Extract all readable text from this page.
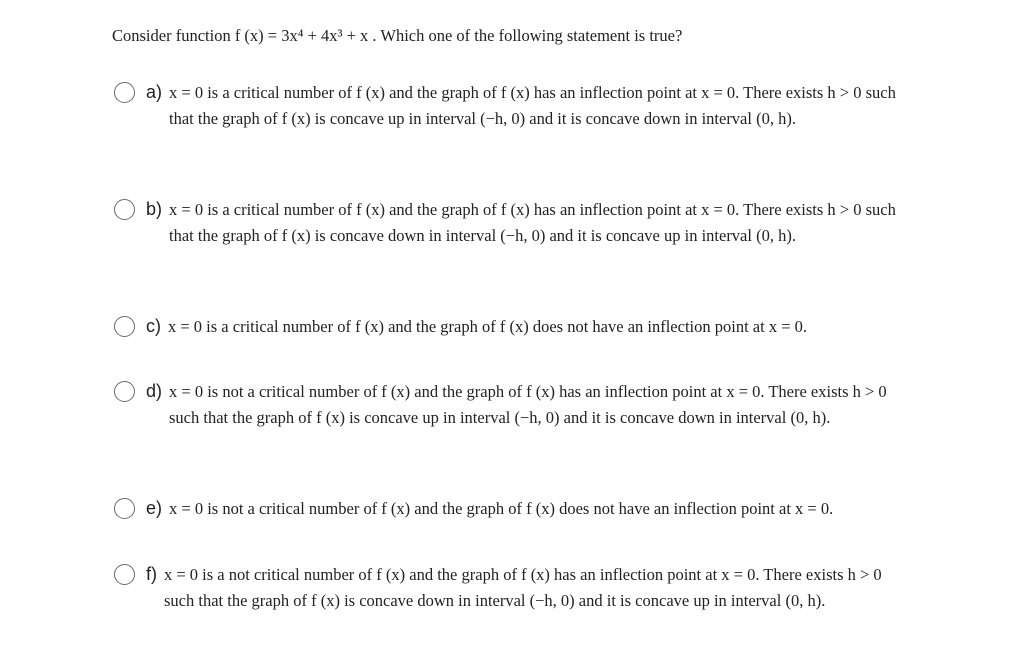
Consider function f (x) = 3x⁴ + 4x³ + x . Which one of the following statement is true?
a) x = 0 is a critical number of f (x) and the graph of f (x) has an inflection point at x = 0. There exists h > 0 such that the graph of f (x) is concave up in interval (−h, 0) and it is concave down in interval (0, h).
b) x = 0 is a critical number of f (x) and the graph of f (x) has an inflection point at x = 0. There exists h > 0 such that the graph of f (x) is concave down in interval (−h, 0) and it is concave up in interval (0, h).
c) x = 0 is a critical number of f (x) and the graph of f (x) does not have an inflection point at x = 0.
d) x = 0 is not a critical number of f (x) and the graph of f (x) has an inflection point at x = 0. There exists h > 0 such that the graph of f (x) is concave up in interval (−h, 0) and it is concave down in interval (0, h).
e) x = 0 is not a critical number of f (x) and the graph of f (x) does not have an inflection point at x = 0.
f) x = 0 is a not critical number of f (x) and the graph of f (x) has an inflection point at x = 0. There exists h > 0 such that the graph of f (x) is concave down in interval (−h, 0) and it is concave up in interval (0, h).
